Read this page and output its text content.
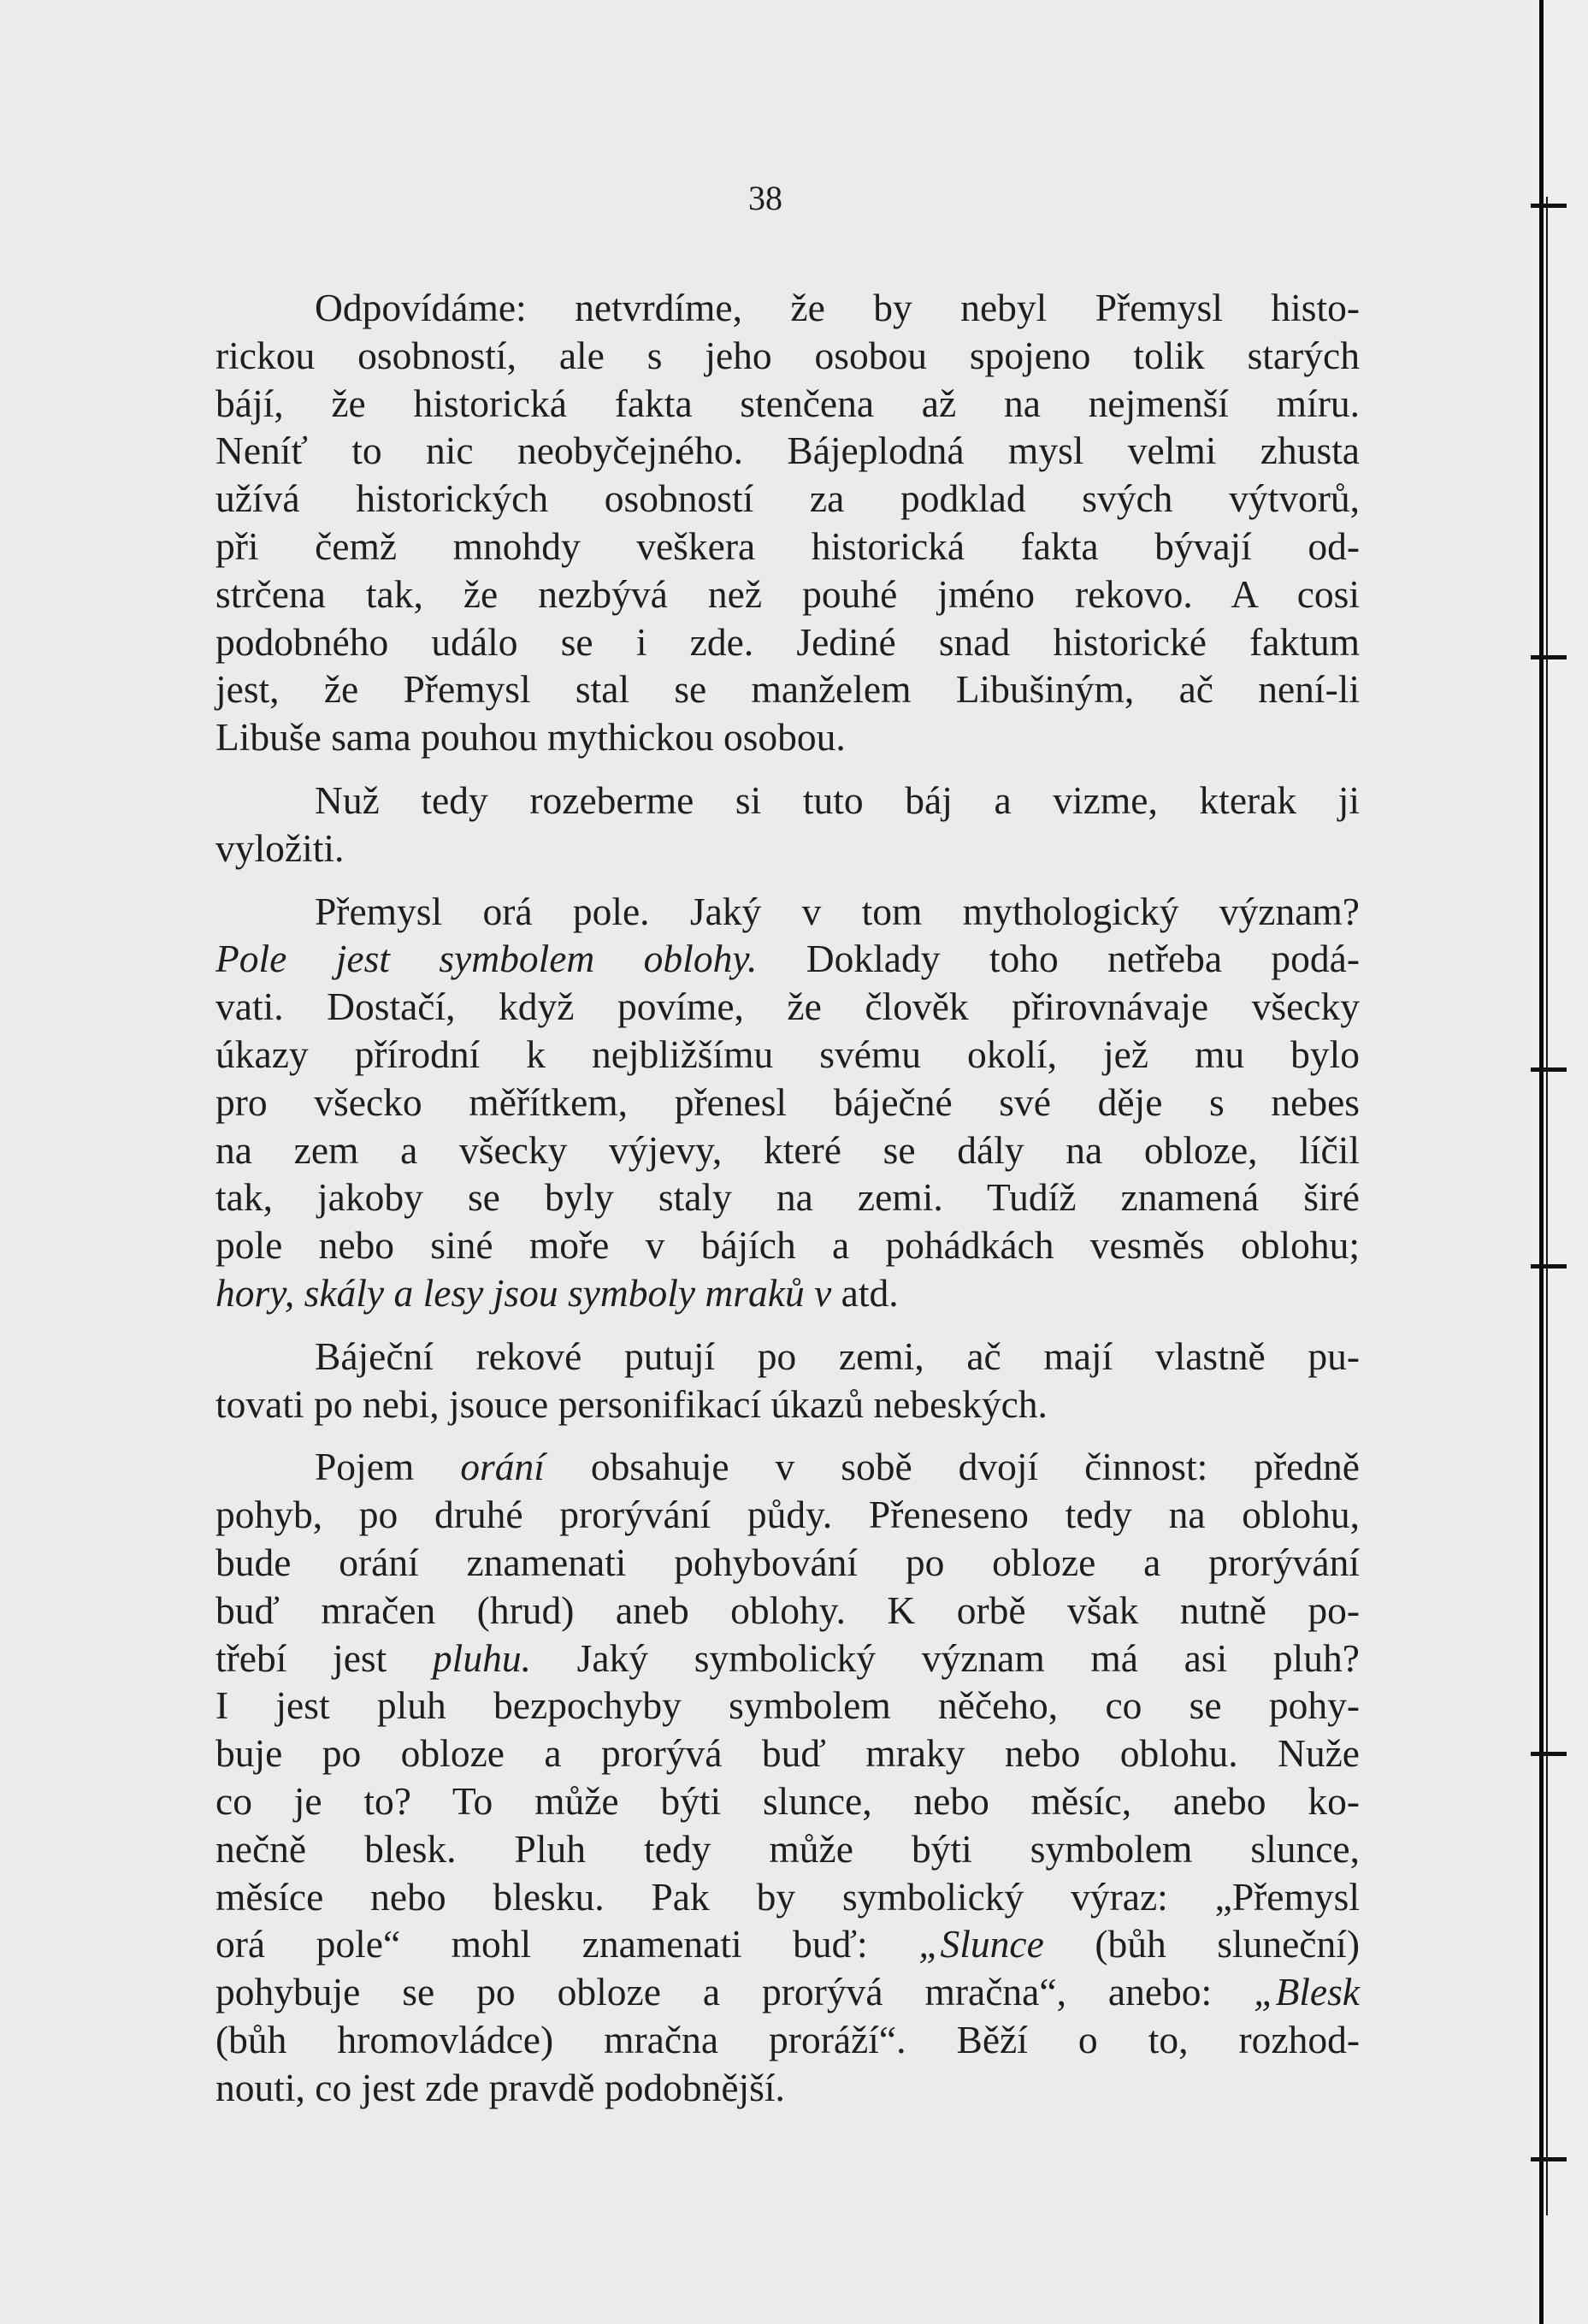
38

Odpovídáme: netvrdíme, že by nebyl Přemysl histo-
rickou osobností, ale s jeho osobou spojeno tolik starých
bájí, že historická fakta stenčena až na nejmenší míru.
Neníť to nic neobyčejného. Bájeplodná mysl velmi zhusta
užívá historických osobností za podklad svých výtvorů,
při čemž mnohdy veškera historická fakta bývají od-
strčena tak, že nezbývá než pouhé jméno rekovo. A cosi
podobného událo se i zde. Jediné snad historické faktum
jest, že Přemysl stal se manželem Libušiným, ač není-li
Libuše sama pouhou mythickou osobou.

Nuž tedy rozeberme si tuto báj a vizme, kterak ji
vyložiti.

Přemysl orá pole. Jaký v tom mythologický význam?
Pole jest symbolem oblohy. Doklady toho netřeba podá-
vati. Dostačí, když povíme, že člověk přirovnávaje všecky
úkazy přírodní k nejbližšímu svému okolí, jež mu bylo
pro všecko měřítkem, přenesl báječné své děje s nebes
na zem a všecky výjevy, které se dály na obloze, líčil
tak, jakoby se byly staly na zemi. Tudíž znamená širé
pole nebo siné moře v bájích a pohádkách vesměs oblohu;
hory, skály a lesy jsou symboly mraků v atd.

Báječní rekové putují po zemi, ač mají vlastně pu-
tovati po nebi, jsouce personifikací úkazů nebeských.

Pojem orání obsahuje v sobě dvojí činnost: předně
pohyb, po druhé prorývání půdy. Přeneseno tedy na oblohu,
bude orání znamenati pohybování po obloze a prorývání
buď mračen (hrud) aneb oblohy. K orbě však nutně po-
třebí jest pluhu. Jaký symbolický význam má asi pluh?
I jest pluh bezpochyby symbolem něčeho, co se pohy-
buje po obloze a prorývá buď mraky nebo oblohu. Nuže
co je to? To může býti slunce, nebo měsíc, anebo ko-
nečně blesk. Pluh tedy může býti symbolem slunce,
měsíce nebo blesku. Pak by symbolický výraz: „Přemysl
orá pole“ mohl znamenati buď: „Slunce (bůh sluneční)
pohybuje se po obloze a prorývá mračna“, anebo: „Blesk
(bůh hromovládce) mračna proráží“. Běží o to, rozhod-
nouti, co jest zde pravdě podobnější.
